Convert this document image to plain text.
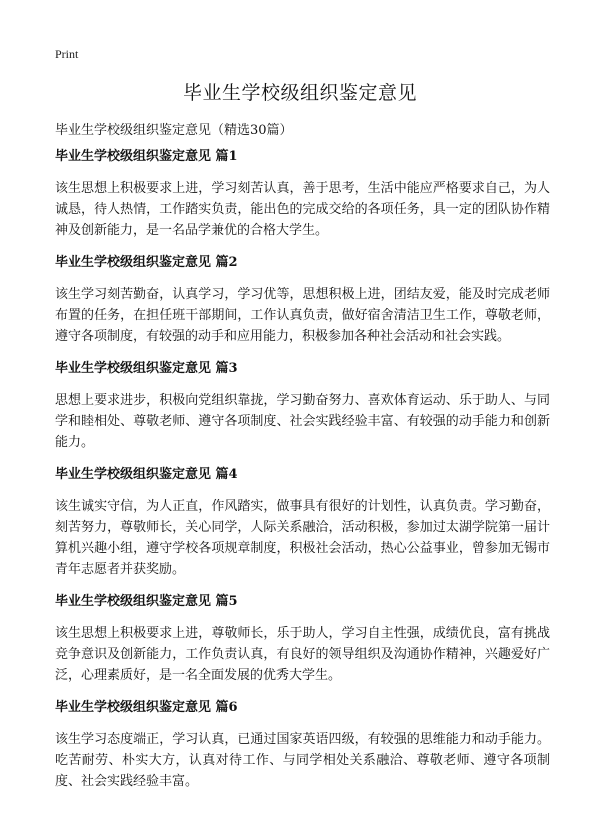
Print
毕业生学校级组织鉴定意见

毕业生学校级组织鉴定意见（精选30篇）

毕业生学校级组织鉴定意见 篇1

该生思想上积极要求上进，学习刻苦认真，善于思考，生活中能应严格要求自己，为人诚恳，待人热情，工作踏实负责，能出色的完成交给的各项任务，具一定的团队协作精神及创新能力，是一名品学兼优的合格大学生。

毕业生学校级组织鉴定意见 篇2

该生学习刻苦勤奋，认真学习，学习优等，思想积极上进，团结友爱，能及时完成老师布置的任务，在担任班干部期间，工作认真负责，做好宿舍清洁卫生工作，尊敬老师，遵守各项制度，有较强的动手和应用能力，积极参加各种社会活动和社会实践。

毕业生学校级组织鉴定意见 篇3

思想上要求进步，积极向党组织靠拢，学习勤奋努力、喜欢体育运动、乐于助人、与同学和睦相处、尊敬老师、遵守各项制度、社会实践经验丰富、有较强的动手能力和创新能力。

毕业生学校级组织鉴定意见 篇4

该生诚实守信，为人正直，作风踏实，做事具有很好的计划性，认真负责。学习勤奋，刻苦努力，尊敬师长，关心同学，人际关系融洽，活动积极，参加过太湖学院第一届计算机兴趣小组，遵守学校各项规章制度，积极社会活动，热心公益事业，曾参加无锡市青年志愿者并获奖励。

毕业生学校级组织鉴定意见 篇5

该生思想上积极要求上进，尊敬师长，乐于助人，学习自主性强，成绩优良，富有挑战竞争意识及创新能力，工作负责认真，有良好的领导组织及沟通协作精神，兴趣爱好广泛，心理素质好，是一名全面发展的优秀大学生。

毕业生学校级组织鉴定意见 篇6

该生学习态度端正，学习认真，已通过国家英语四级，有较强的思维能力和动手能力。吃苦耐劳、朴实大方，认真对待工作、与同学相处关系融洽、尊敬老师、遵守各项制度、社会实践经验丰富。
